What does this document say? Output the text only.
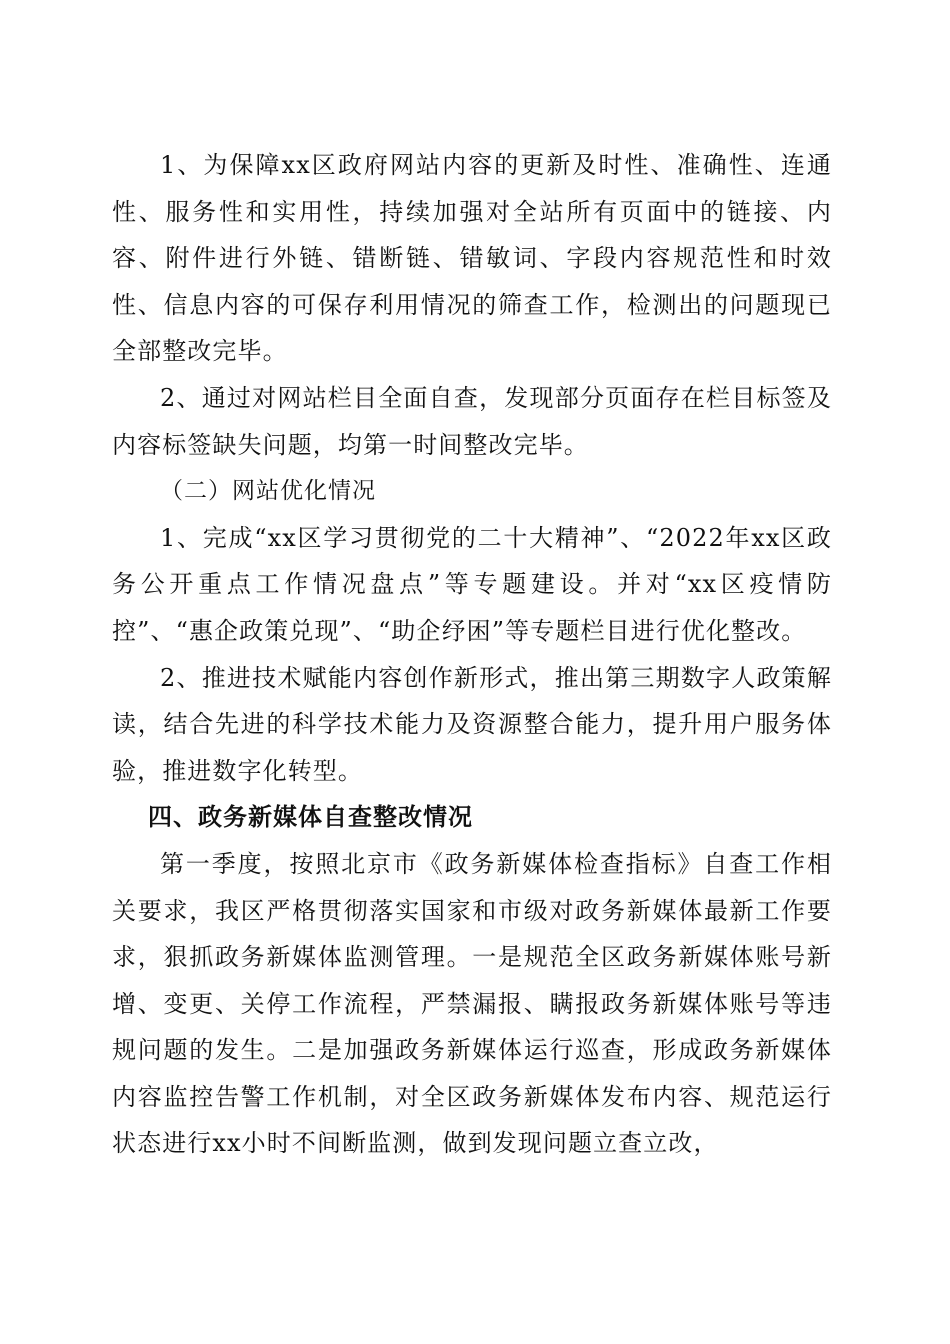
1、为保障xx区政府网站内容的更新及时性、准确性、连通性、服务性和实用性，持续加强对全站所有页面中的链接、内容、附件进行外链、错断链、错敏词、字段内容规范性和时效性、信息内容的可保存利用情况的筛查工作，检测出的问题现已全部整改完毕。

2、通过对网站栏目全面自查，发现部分页面存在栏目标签及内容标签缺失问题，均第一时间整改完毕。

（二）网站优化情况

1、完成“xx区学习贯彻党的二十大精神”、“2022年xx区政务公开重点工作情况盘点”等专题建设。并对“xx区疫情防控”、“惠企政策兑现”、“助企纾困”等专题栏目进行优化整改。

2、推进技术赋能内容创作新形式，推出第三期数字人政策解读，结合先进的科学技术能力及资源整合能力，提升用户服务体验，推进数字化转型。

四、政务新媒体自查整改情况

第一季度，按照北京市《政务新媒体检查指标》自查工作相关要求，我区严格贯彻落实国家和市级对政务新媒体最新工作要求，狠抓政务新媒体监测管理。一是规范全区政务新媒体账号新增、变更、关停工作流程，严禁漏报、瞒报政务新媒体账号等违规问题的发生。二是加强政务新媒体运行巡查，形成政务新媒体内容监控告警工作机制，对全区政务新媒体发布内容、规范运行状态进行xx小时不间断监测，做到发现问题立查立改，
